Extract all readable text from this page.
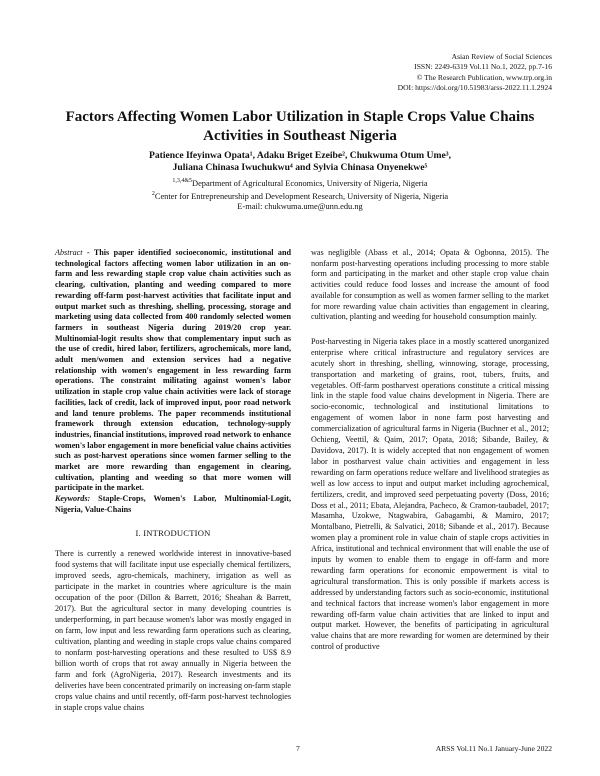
Asian Review of Social Sciences
ISSN: 2249-6319 Vol.11 No.1, 2022, pp.7-16
© The Research Publication, www.trp.org.in
DOI: https://doi.org/10.51983/arss-2022.11.1.2924
Factors Affecting Women Labor Utilization in Staple Crops Value Chains Activities in Southeast Nigeria
Patience Ifeyinwa Opata¹, Adaku Briget Ezeibe², Chukwuma Otum Ume³,
Juliana Chinasa Iwuchukwu⁴ and Sylvia Chinasa Onyenekwe⁵
$^{1,3,4\&5}$Department of Agricultural Economics, University of Nigeria, Nigeria
$^2$Center for Entrepreneurship and Development Research, University of Nigeria, Nigeria
E-mail: chukwuma.ume@unn.edu.ng
Abstract - This paper identified socioeconomic, institutional and technological factors affecting women labor utilization in an on-farm and less rewarding staple crop value chain activities such as clearing, cultivation, planting and weeding compared to more rewarding off-farm post-harvest activities that facilitate input and output market such as threshing, shelling, processing, storage and marketing using data collected from 400 randomly selected women farmers in southeast Nigeria during 2019/20 crop year. Multinomial-logit results show that complementary input such as the use of credit, hired labor, fertilizers, agrochemicals, more land, adult men/women and extension services had a negative relationship with women's engagement in less rewarding farm operations. The constraint militating against women's labor utilization in staple crop value chain activities were lack of storage facilities, lack of credit, lack of improved input, poor road network and land tenure problems. The paper recommends institutional framework through extension education, technology-supply industries, financial institutions, improved road network to enhance women's labor engagement in more beneficial value chains activities such as post-harvest operations since women farmer selling to the market are more rewarding than engagement in clearing, cultivation, planting and weeding so that more women will participate in the market.
Keywords: Staple-Crops, Women's Labor, Multinomial-Logit, Nigeria, Value-Chains
I. INTRODUCTION

There is currently a renewed worldwide interest in innovative-based food systems that will facilitate input use especially chemical fertilizers, improved seeds, agro-chemicals, machinery, irrigation as well as participate in the market in countries where agriculture is the main occupation of the poor (Dillon & Barrett, 2016; Sheahan & Barrett, 2017). But the agricultural sector in many developing countries is underperforming, in part because women's labor was mostly engaged in on farm, low input and less rewarding farm operations such as clearing, cultivation, planting and weeding in staple crops value chains compared to nonfarm post-harvesting operations and these resulted to US$ 8.9 billion worth of crops that rot away annually in Nigeria between the farm and fork (AgroNigeria, 2017). Research investments and its deliveries have been concentrated primarily on increasing on-farm staple crops value chains and until recently, off-farm post-harvest technologies in staple crops value chains

was negligible (Abass et al., 2014; Opata & Ogbonna, 2015). The nonfarm post-harvesting operations including processing to more stable form and participating in the market and other staple crop value chain activities could reduce food losses and increase the amount of food available for consumption as well as women farmer selling to the market for more rewarding value chain activities than engagement in clearing, cultivation, planting and weeding for household consumption mainly.

Post-harvesting in Nigeria takes place in a mostly scattered unorganized enterprise where critical infrastructure and regulatory services are acutely short in threshing, shelling, winnowing, storage, processing, transportation and marketing of grains, root, tubers, fruits, and vegetables. Off-farm postharvest operations constitute a critical missing link in the staple food value chains development in Nigeria. There are socio-economic, technological and institutional limitations to engagement of women labor in none farm post harvesting and commercialization of agricultural farms in Nigeria (Buchner et al., 2012; Ochieng, Veettil, & Qaim, 2017; Opata, 2018; Sibande, Bailey, & Davidova, 2017). It is widely accepted that non engagement of women labor in postharvest value chain activities and engagement in less rewarding on farm operations reduce welfare and livelihood strategies as well as low access to input and output market including agrochemical, fertilizers, credit, and improved seed perpetuating poverty (Doss, 2016; Doss et al., 2011; Ebata, Alejandra, Pacheco, & Cramon-taubadel, 2017; Masamha, Uzokwe, Ntagwabira, Gabagambi, & Mamiro, 2017; Montalbano, Pietrelli, & Salvatici, 2018; Sibande et al., 2017). Because women play a prominent role in value chain of staple crops activities in Africa, institutional and technical environment that will enable the use of inputs by women to enable them to engage in off-farm and more rewarding farm operations for economic empowerment is vital to agricultural transformation. This is only possible if markets access is addressed by understanding factors such as socio-economic, institutional and technical factors that increase women's labor engagement in more rewarding off-farm value chain activities that are linked to input and output market. However, the benefits of participating in agricultural value chains that are more rewarding for women are determined by their control of productive

7	ARSS Vol.11 No.1 January-June 2022
